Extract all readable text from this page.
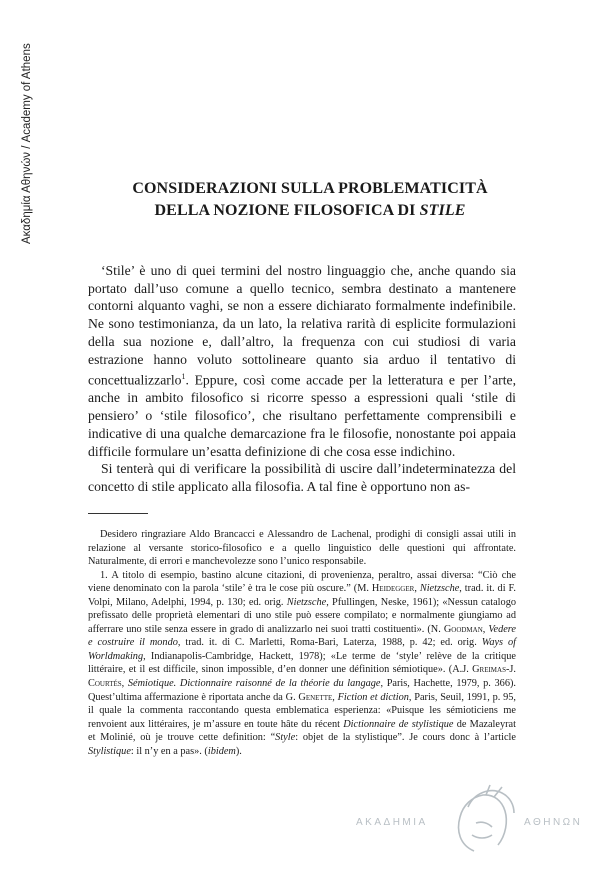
Ακαδημία Αθηνών / Academy of Athens	CONSIDERAZIONI SULLA PROBLEMATICITÀ
DELLA NOZIONE FILOSOFICA DI STILE

‘Stile’ è uno di quei termini del nostro linguaggio che, anche quando sia portato dall’uso comune a quello tecnico, sembra destinato a mantenere contorni alquanto vaghi, se non a essere dichiarato formalmente indefinibile. Ne sono testimonianza, da un lato, la relativa rarità di esplicite formulazioni della sua nozione e, dall’altro, la frequenza con cui studiosi di varia estrazione hanno voluto sottolineare quanto sia arduo il tentativo di concettualizzarlo$^1$. Eppure, così come accade per la letteratura e per l’arte, anche in ambito filosofico si ricorre spesso a espressioni quali ‘stile di pensiero’ o ‘stile filosofico’, che risultano perfettamente comprensibili e indicative di una qualche demarcazione fra le filosofie, nonostante poi appaia difficile formulare un’esatta definizione di che cosa esse indichino.

Si tenterà qui di verificare la possibilità di uscire dall’indeterminatezza del concetto di stile applicato alla filosofia. A tal fine è opportuno non as-

Desidero ringraziare Aldo Brancacci e Alessandro de Lachenal, prodighi di consigli assai utili in relazione al versante storico-filosofico e a quello linguistico delle questioni qui affrontate. Naturalmente, di errori e manchevolezze sono l’unico responsabile.

1. A titolo di esempio, bastino alcune citazioni, di provenienza, peraltro, assai diversa: “Ciò che viene denominato con la parola ‘stile’ è tra le cose più oscure.” (M. Heidegger, Nietzsche, trad. it. di F. Volpi, Milano, Adelphi, 1994, p. 130; ed. orig. Nietzsche, Pfullingen, Neske, 1961); «Nessun catalogo prefissato delle proprietà elementari di uno stile può essere compilato; e normalmente giungiamo ad afferrare uno stile senza essere in grado di analizzarlo nei suoi tratti costituenti». (N. Goodman, Vedere e costruire il mondo, trad. it. di C. Marletti, Roma-Bari, Laterza, 1988, p. 42; ed. orig. Ways of Worldmaking, Indianapolis-Cambridge, Hackett, 1978); «Le terme de ‘style’ relève de la critique littéraire, et il est difficile, sinon impossible, d’en donner une définition sémiotique». (A.J. Greimas-J. Courtés, Sémiotique. Dictionnaire raisonné de la théorie du langage, Paris, Hachette, 1979, p. 366). Quest’ultima affermazione è riportata anche da G. Genette, Fiction et diction, Paris, Seuil, 1991, p. 95, il quale la commenta raccontando questa emblematica esperienza: «Puisque les sémioticiens me renvoient aux littéraires, je m’assure en toute hâte du récent Dictionnaire de stylistique de Mazaleyrat et Molinié, où je trouve cette definition: “Style: objet de la stylistique”. Je cours donc à l’article Stylistique: il n’y en a pas». (ibidem).

ΑΚΑΔΗΜΙΑ	ΑΘΗΝΩΝ
